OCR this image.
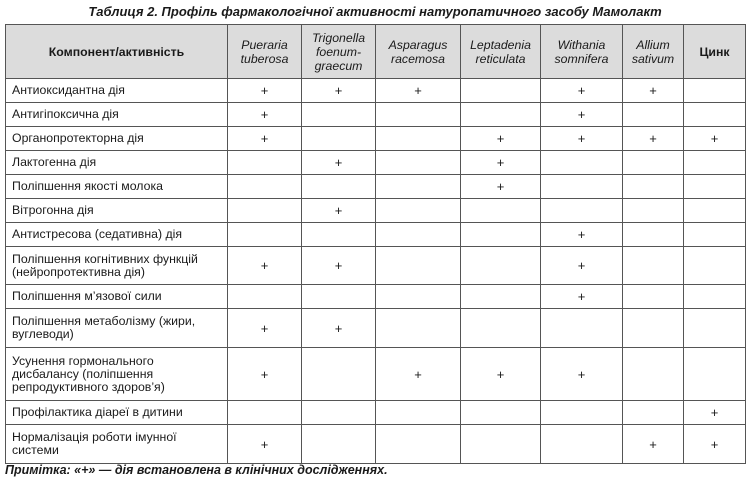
Таблиця 2. Профіль фармакологічної активності натуропатичного засобу Мамолакт
Компонент/активність	Pueraria tuberosa	Trigonella foenum-graecum	Asparagus racemosa	Leptadenia reticulata	Withania somnifera	Allium sativum	Цинк
Антиоксидантна дія	+	+	+		+	+	
Антигіпоксична дія	+				+		
Органопротекторна дія	+			+	+	+	+
Лактогенна дія		+		+			
Поліпшення якості молока				+			
Вітрогонна дія		+					
Антистресова (седативна) дія					+		
Поліпшення когнітивних функцій (нейропротективна дія)	+	+			+		
Поліпшення м’язової сили					+		
Поліпшення метаболізму (жири, вуглеводи)	+	+					
Усунення гормонального дисбалансу (поліпшення репродуктивного здоров’я)	+		+	+	+		
Профілактика діареї в дитини							+
Нормалізація роботи імунної системи	+					+	+
Примітка: «+» — дія встановлена в клінічних дослідженнях.
